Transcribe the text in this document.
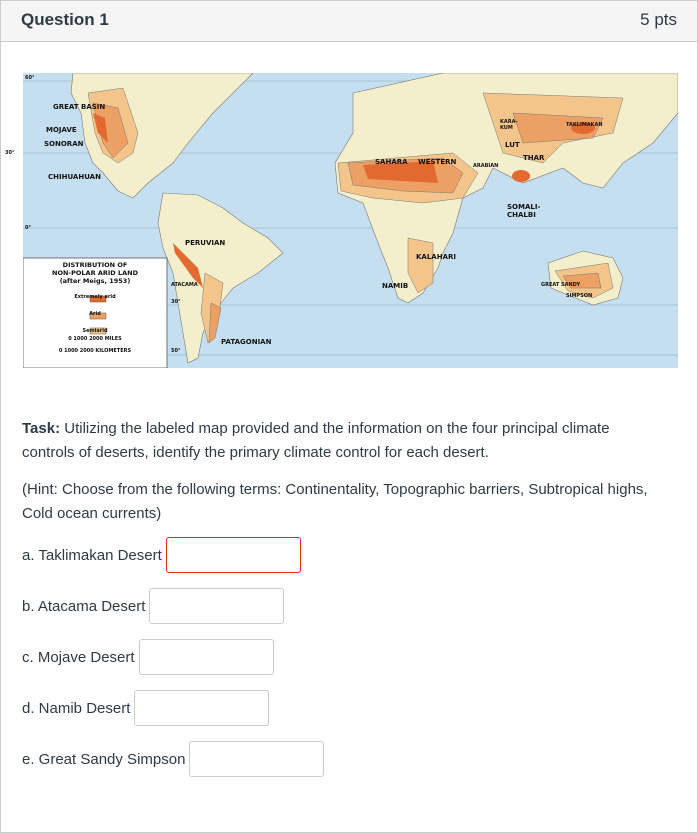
Question 1	5 pts
GREAT BASIN
MOJAVE
SONORAN
CHIHUAHUAN
PERUVIAN
ATACAMA
PATAGONIAN
SAHARA WESTERN	ARABIAN
KARA-KUM
LUT
THAR
TAKLIMAKAN
SOMALI-CHALBI
KALAHARI
NAMIB	GREAT SANDY
SIMPSON
60°
30°
0°
30°
50°
DISTRIBUTION OF
NON-POLAR ARID LAND
(after Meigs, 1953)
Extremely arid
Arid
Semiarid
0 1000 2000 MILES
0 1000 2000 KILOMETERS
Task: Utilizing the labeled map provided and the information on the four principal climate controls of deserts, identify the primary climate control for each desert.
(Hint: Choose from the following terms: Continentality, Topographic barriers, Subtropical highs, Cold ocean currents)
a. Taklimakan Desert
b. Atacama Desert
c. Mojave Desert
d. Namib Desert
e. Great Sandy Simpson
